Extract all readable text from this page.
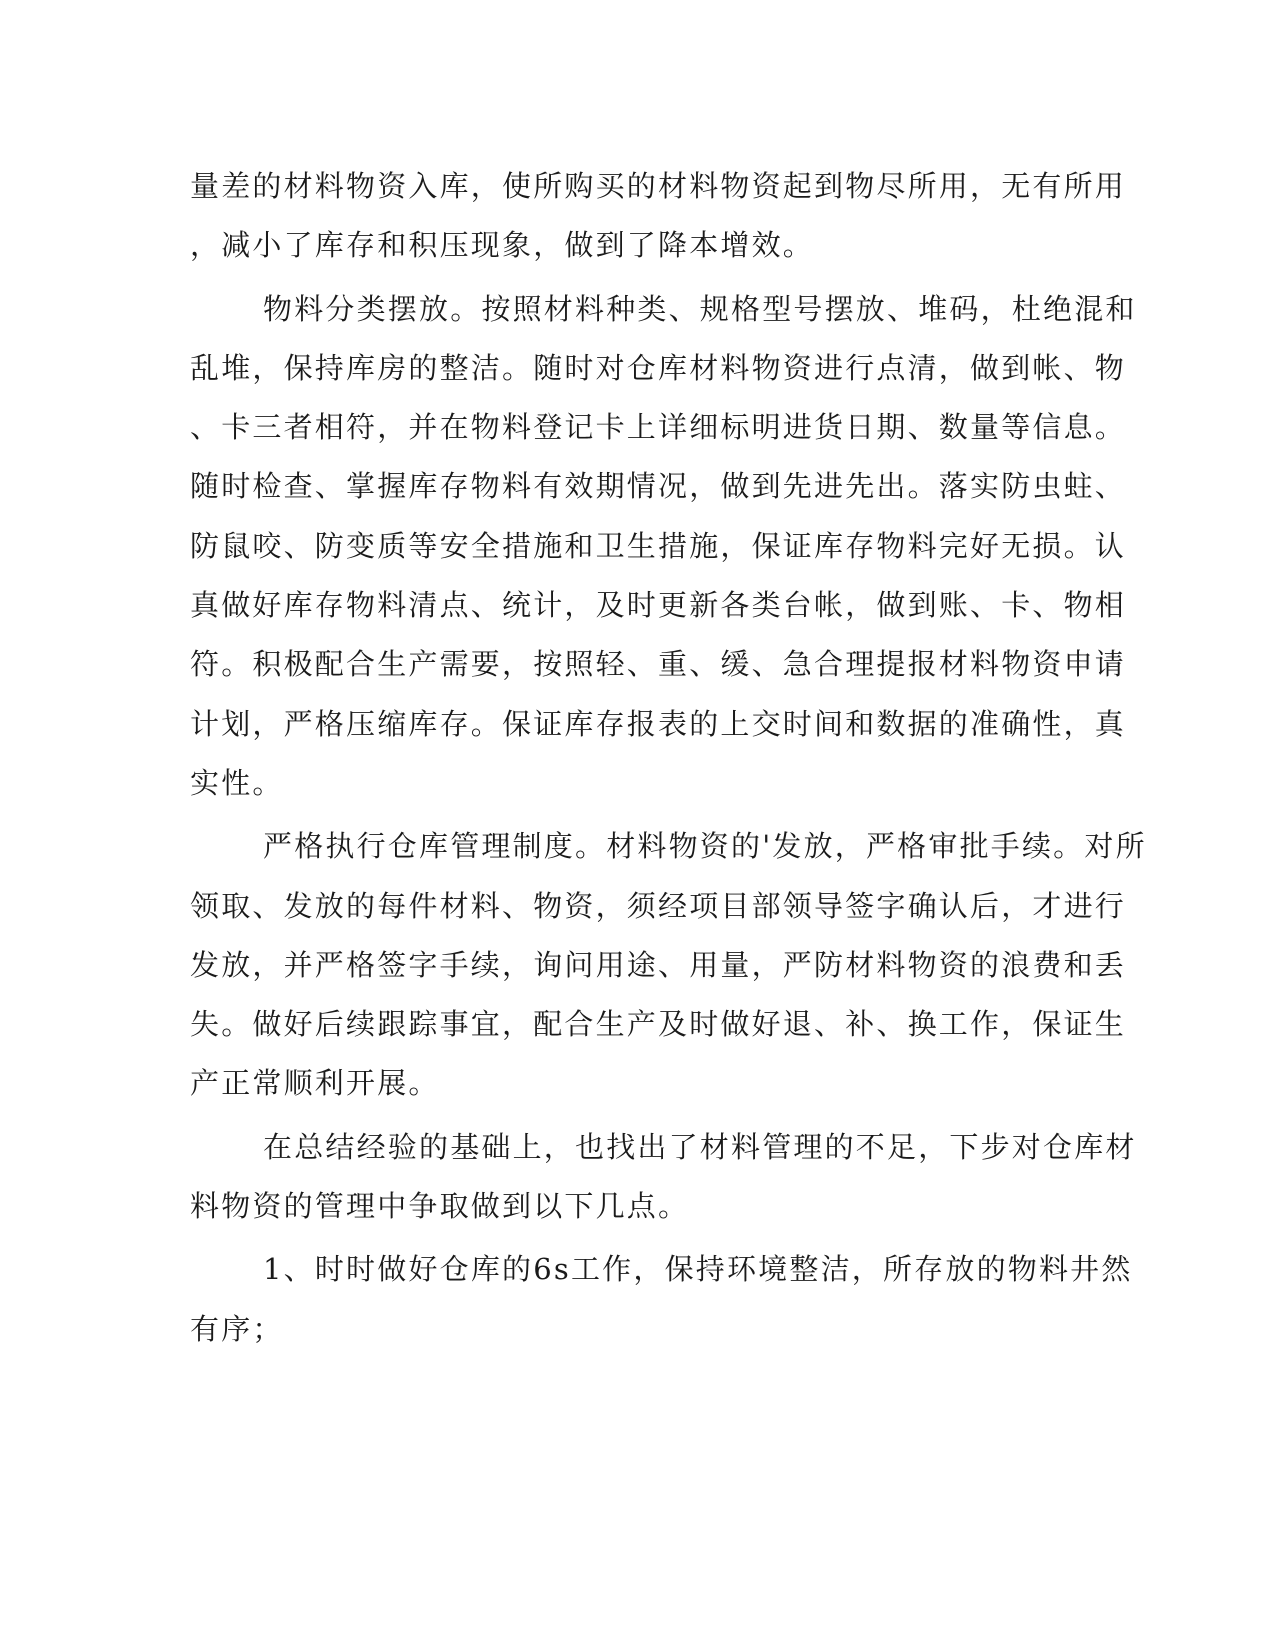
量差的材料物资入库，使所购买的材料物资起到物尽所用，无有所用
，减小了库存和积压现象，做到了降本增效。
物料分类摆放。按照材料种类、规格型号摆放、堆码，杜绝混和
乱堆，保持库房的整洁。随时对仓库材料物资进行点清，做到帐、物
、卡三者相符，并在物料登记卡上详细标明进货日期、数量等信息。
随时检查、掌握库存物料有效期情况，做到先进先出。落实防虫蛀、
防鼠咬、防变质等安全措施和卫生措施，保证库存物料完好无损。认
真做好库存物料清点、统计，及时更新各类台帐，做到账、卡、物相
符。积极配合生产需要，按照轻、重、缓、急合理提报材料物资申请
计划，严格压缩库存。保证库存报表的上交时间和数据的准确性，真
实性。
严格执行仓库管理制度。材料物资的'发放，严格审批手续。对所
领取、发放的每件材料、物资，须经项目部领导签字确认后，才进行
发放，并严格签字手续，询问用途、用量，严防材料物资的浪费和丢
失。做好后续跟踪事宜，配合生产及时做好退、补、换工作，保证生
产正常顺利开展。
在总结经验的基础上，也找出了材料管理的不足，下步对仓库材
料物资的管理中争取做到以下几点。
1、时时做好仓库的6s工作，保持环境整洁，所存放的物料井然
有序；
